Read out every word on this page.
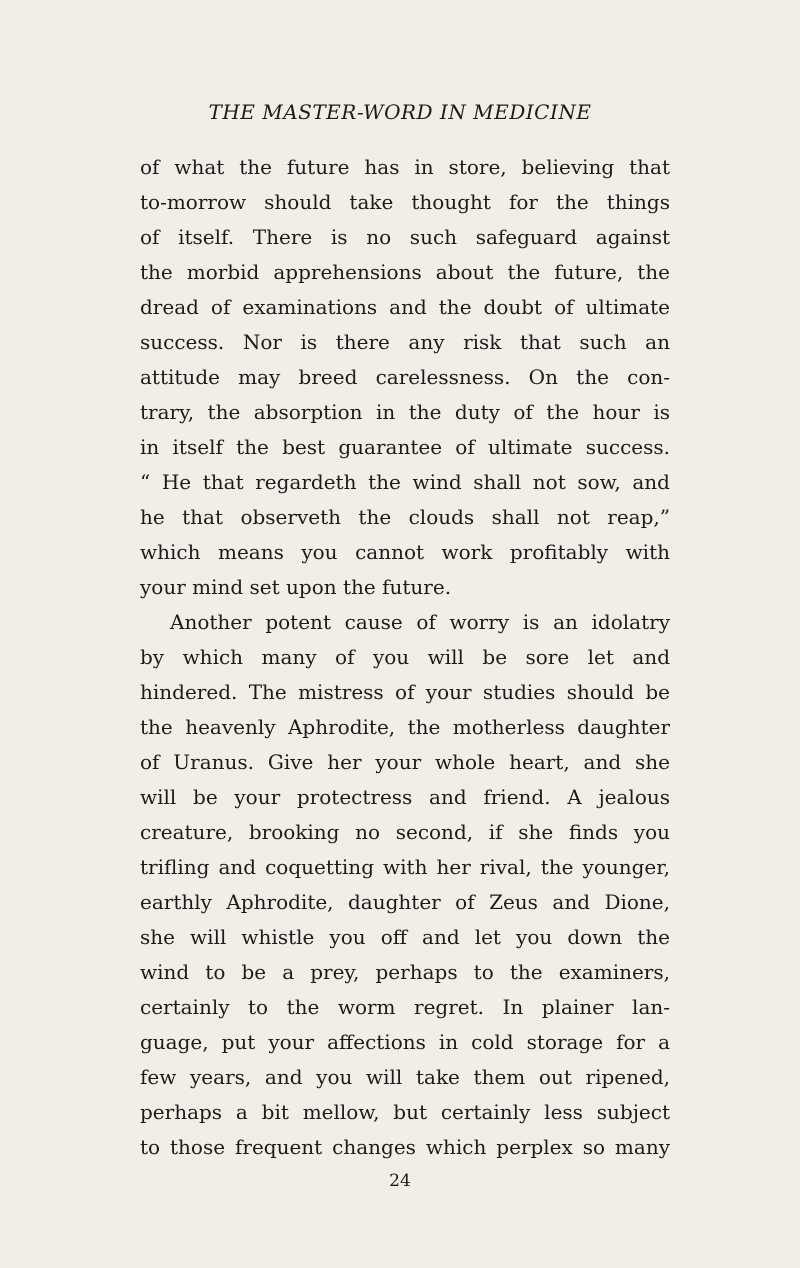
THE MASTER-WORD IN MEDICINE
of what the future has in store, believing that
to-morrow should take thought for the things
of itself. There is no such safeguard against
the morbid apprehensions about the future, the
dread of examinations and the doubt of ultimate
success. Nor is there any risk that such an
attitude may breed carelessness. On the con-
trary, the absorption in the duty of the hour is
in itself the best guarantee of ultimate success.
“ He that regardeth the wind shall not sow, and
he that observeth the clouds shall not reap,”
which means you cannot work profitably with
your mind set upon the future.
Another potent cause of worry is an idolatry
by which many of you will be sore let and
hindered. The mistress of your studies should be
the heavenly Aphrodite, the motherless daughter
of Uranus. Give her your whole heart, and she
will be your protectress and friend. A jealous
creature, brooking no second, if she finds you
trifling and coquetting with her rival, the younger,
earthly Aphrodite, daughter of Zeus and Dione,
she will whistle you off and let you down the
wind to be a prey, perhaps to the examiners,
certainly to the worm regret. In plainer lan-
guage, put your affections in cold storage for a
few years, and you will take them out ripened,
perhaps a bit mellow, but certainly less subject
to those frequent changes which perplex so many
24
